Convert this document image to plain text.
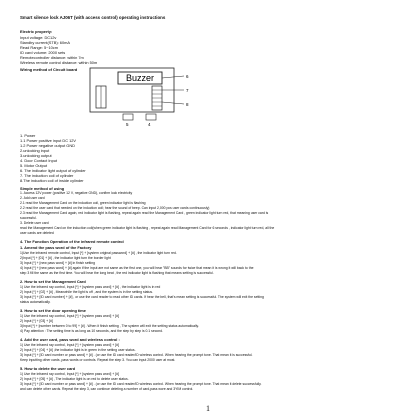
Smart silence lock AJ06T (with access control) operating instructions
Electric property:
Input voltage: DC12v
Standby current(STB): 60mA
Read Range: 5~10cm
ID card volume: 2000 sets
Remotecontroller distance: within 7m
Wireless remote control distance: within 50m
Wiring method of Circuit board
Buzzer	6
7
8
5	4
1. Power
1.1 Power positive input DC 12V
1.2 Power negative output GND
2.unlocking input
3.unlocking output
4. Door Contact Input
5. Motor Output
6. The indicator light output of cylinder
7. The induction coil of cylinder
8.The induction coil of inside cylinder
Simple method of using
1. Access 12V power (positive 12 V, negative GND), confirm lock electricity
2. Add user card
2.1 read the Management Card on the induction coil, green indicator light is flashing
2.2 read the user card that needed on the induction coil; hear the sound of beep. Can input 2,000 pcs user cards continuously)
2.3 read the Management Card again, red indicator light is flashing, repeat again read the Management Card , green indicator light turn red, that meaning user card is
successful.
3. Delete user card
read the Management Card on the induction coil(when green indicator light is flashing , repeat again read Management Card for 6 seconds , indicator light turn red, all the
user cards are deleted
4. The Function Operation of the infrared remote control
1. Amend the pass word of the Factory
1)Use the infrared remote control, Input [*] + [system original password] + [#] , the indicator light turn red.
2)Input [*] + [01] + [#] , the indicator light turn the border light
3) Input [*] + [new pass word] + [#] in finish setting
4) Input [*] + [new pass word] + [#] again if the input are not same as the first one, you will hear "BB" sounds for twice that mean it is wrong it will back to the
step 3 fill the same as the first time. You will hear the long beat , the red indicator light is flashing that means setting is successful.
2. How to set the Management Card
1) Use the infrared ray control, Input [*] + [system pass word] + [#] , the indicator light is in red
2) Input [*] + [02] + [#] , Meanwhile the light is off , and the system is in the setting status.
3) Input [*] + [ID card number] + [#] , or use the card reader to read other ID cards. If hear the bell, that's mean setting is successful. The system will exit the setting
status automatically.
3. How to set the door opening time
1) Use the infrared ray control, Input [*] + [system pass word] + [#]
2) Input [*] + [03] + [#]
3)Input [*] + [number between 0 to 99] + [#] . When it finish setting , The system will exit the setting status automatically.
4) Pay attention : The setting time is as long as 10 seconds, and the step by step is 0.1 second.
4. Add the user card, pass word and wireless control :
1) Use the infrared ray control, Input [*] + [system pass word] + [#]
2) Input [*] + [04] + [#] ,the indicator light is in green in the setting user status.
3) Input [*] + [ID card number or pass word] + [#] . (or use the ID card reader/ID wireless control. When hearing the prompt tone. That mean it is successful.
Keep inputting other cards ,pass words or controls. Repeat the step 3. You can input 2000 user at most.
5. How to delete the user card
1) Use the infrared ray control, Input [*] + [system pass word] + [#]
2) Input [*] + [05] + [#] , The indicator light is on red to delete user status.
3) Input [*] + [ID card number or pass word] + [#] . (or use the ID card reader/ID wireless control. When hearing the prompt tone. That mean it delete successfully.
and can delete other cards. Repeat the step 3, can continue deleting a number of card,pass wore and 3YIM control.
1
